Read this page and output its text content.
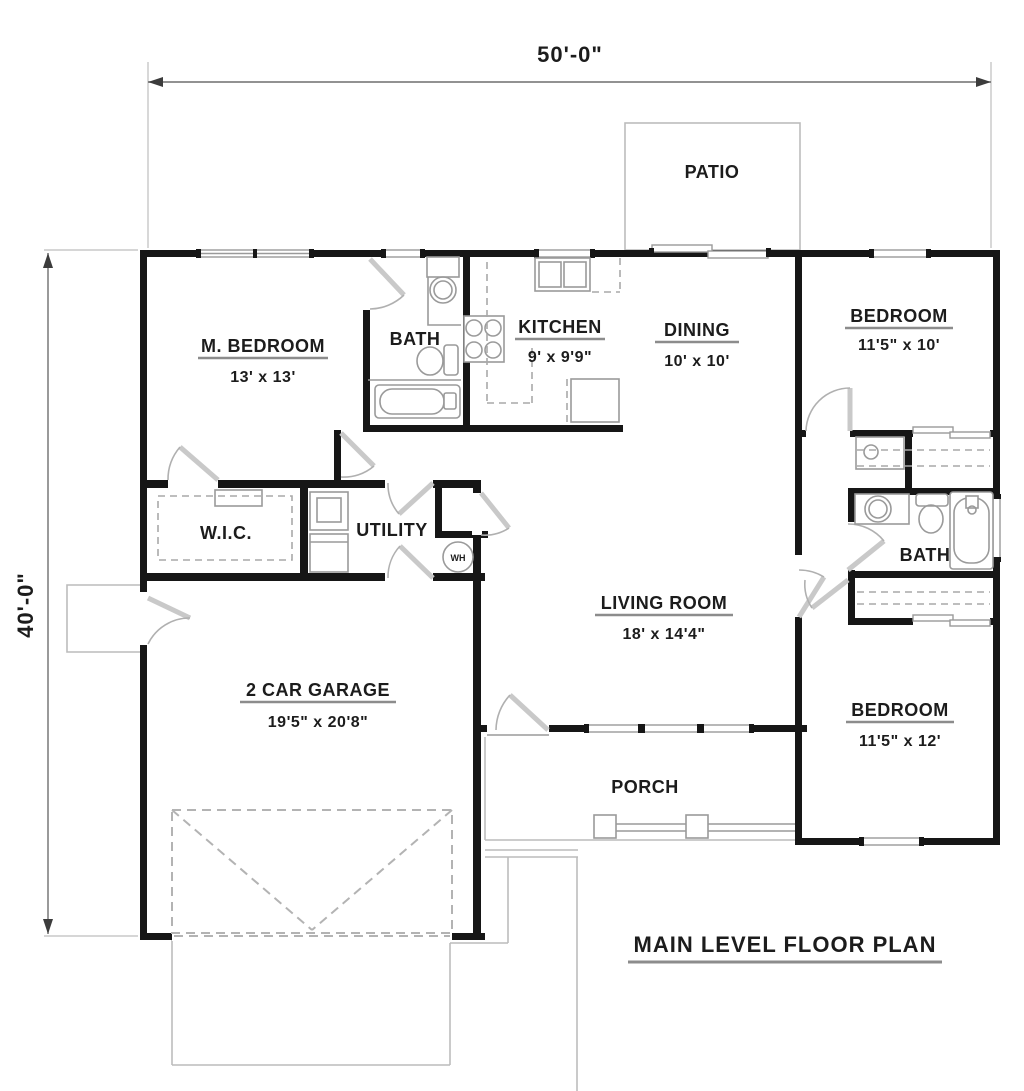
50'-0"
40'-0"
WH
PATIO
M. BEDROOM
13' x 13'
BATH
KITCHEN
9' x 9'9"
DINING
10' x 10'
BEDROOM
11'5" x 10'
W.I.C.	UTILITY
LIVING ROOM
18' x 14'4"
BATH
2 CAR GARAGE
19'5" x 20'8"
PORCH
BEDROOM
11'5" x 12'
MAIN LEVEL FLOOR PLAN
